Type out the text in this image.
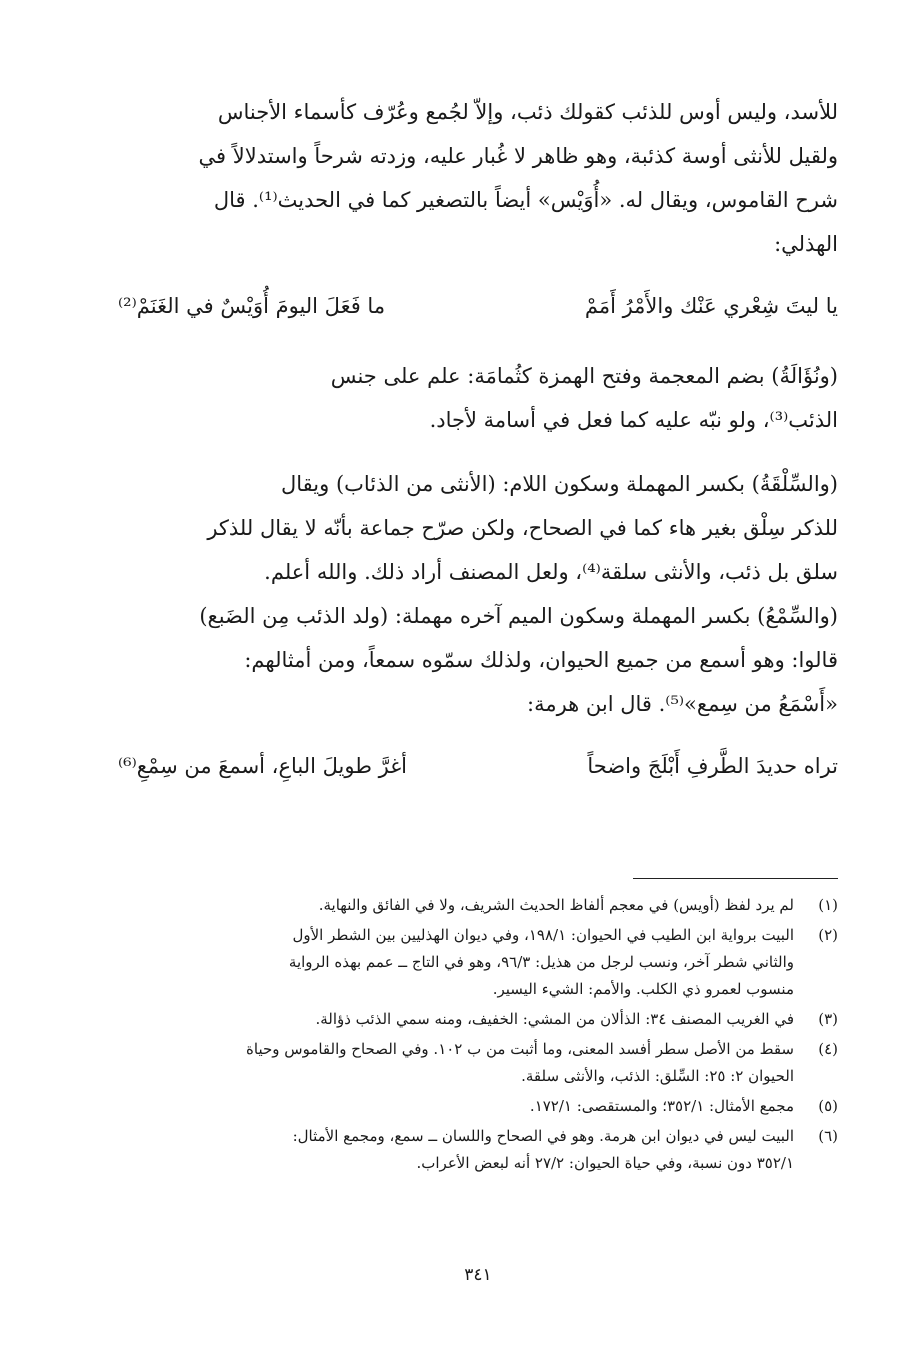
للأسد، وليس أوس للذئب كقولك ذئب، وإلاّ لجُمع وعُرّف كأسماء الأجناس
ولقيل للأنثى أوسة كذئبة، وهو ظاهر لا غُبار عليه، وزدته شرحاً واستدلالاً في
شرح القاموس، ويقال له. «أُوَيْس» أيضاً بالتصغير كما في الحديث⁽¹⁾. قال
الهذلي:

يا ليتَ شِعْري عَنْك والأَمْرُ أَمَمْ
ما فَعَلَ اليومَ أُوَيْسٌ في الغَنَمْ⁽²⁾

(ونُؤَالَةُ) بضم المعجمة وفتح الهمزة كثُمامَة: علم على جنس
الذئب⁽³⁾، ولو نبّه عليه كما فعل في أسامة لأجاد.

(والسِّلْقَةُ) بكسر المهملة وسكون اللام: (الأنثى من الذئاب) ويقال
للذكر سِلْق بغير هاء كما في الصحاح، ولكن صرّح جماعة بأنّه لا يقال للذكر
سلق بل ذئب، والأنثى سلقة⁽⁴⁾، ولعل المصنف أراد ذلك. والله أعلم.
(والسِّمْعُ) بكسر المهملة وسكون الميم آخره مهملة: (ولد الذئب مِن الضَبع)
قالوا: وهو أسمع من جميع الحيوان، ولذلك سمّوه سمعاً، ومن أمثالهم:
«أَسْمَعُ من سِمع»⁽⁵⁾. قال ابن هرمة:

تراه حديدَ الطَّرفِ أَبْلَجَ واضحاً
أغرَّ طويلَ الباعِ، أسمعَ من سِمْعِ⁽⁶⁾
(١)
لم يرد لفظ (أويس) في معجم ألفاظ الحديث الشريف، ولا في الفائق والنهاية.
(٢)
البيت برواية ابن الطيب في الحيوان: ١٩٨/١، وفي ديوان الهذليين بين الشطر الأول
والثاني شطر آخر، ونسب لرجل من هذيل: ٩٦/٣، وهو في التاج ــ عمم بهذه الرواية
منسوب لعمرو ذي الكلب. والأمم: الشيء اليسير.
(٣)
في الغريب المصنف ٣٤: الذألان من المشي: الخفيف، ومنه سمي الذئب ذؤالة.
(٤)
سقط من الأصل سطر أفسد المعنى، وما أثبت من ب ١٠٢. وفي الصحاح والقاموس وحياة
الحيوان ٢: ٢٥: السِّلق: الذئب، والأنثى سلقة.
(٥)
مجمع الأمثال: ٣٥٢/١؛ والمستقصى: ١٧٢/١.
(٦)
البيت ليس في ديوان ابن هرمة. وهو في الصحاح واللسان ــ سمع، ومجمع الأمثال:
٣٥٢/١ دون نسبة، وفي حياة الحيوان: ٢٧/٢ أنه لبعض الأعراب.
٣٤١
